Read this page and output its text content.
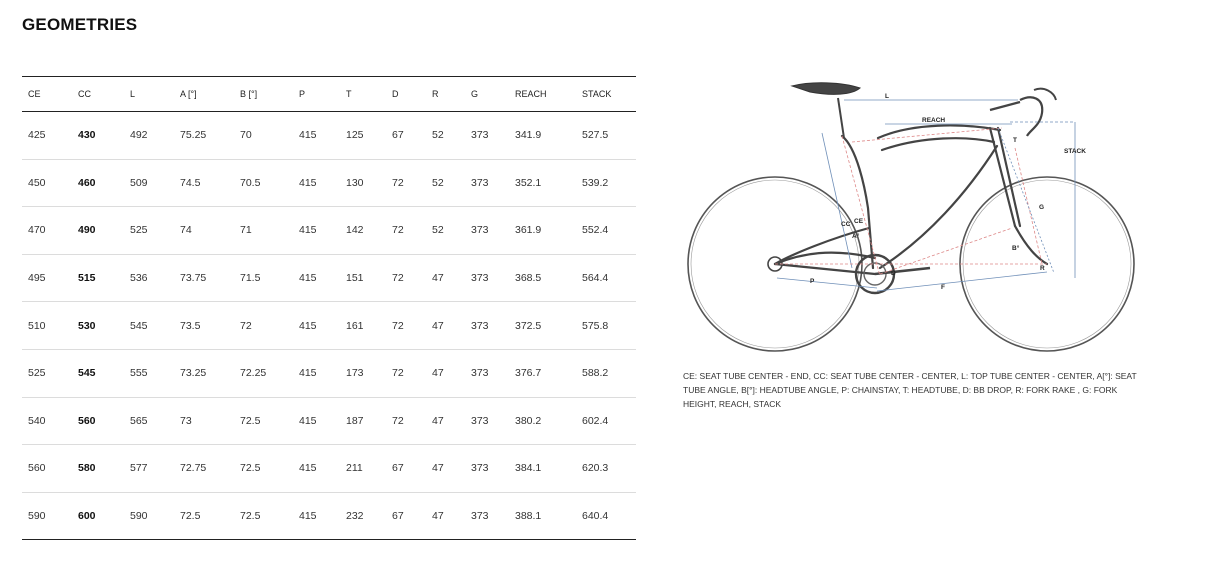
GEOMETRIES
CE	CC	L	A [°]	B [°]	P	T	D	R	G	REACH	STACK
425	430	492	75.25	70	415	125	67	52	373	341.9	527.5
450	460	509	74.5	70.5	415	130	72	52	373	352.1	539.2
470	490	525	74	71	415	142	72	52	373	361.9	552.4
495	515	536	73.75	71.5	415	151	72	47	373	368.5	564.4
510	530	545	73.5	72	415	161	72	47	373	372.5	575.8
525	545	555	73.25	72.25	415	173	72	47	373	376.7	588.2
540	560	565	73	72.5	415	187	72	47	373	380.2	602.4
560	580	577	72.75	72.5	415	211	67	47	373	384.1	620.3
590	600	590	72.5	72.5	415	232	67	47	373	388.1	640.4
L
REACH
STACK
CC CE
A°
B°
T
G
D
R
P
F
CE: SEAT TUBE CENTER - END, CC: SEAT TUBE CENTER - CENTER, L: TOP TUBE CENTER - CENTER, A[°]: SEAT TUBE ANGLE, B[°]: HEADTUBE ANGLE, P: CHAINSTAY, T: HEADTUBE, D: BB DROP, R: FORK RAKE , G: FORK HEIGHT, REACH, STACK
